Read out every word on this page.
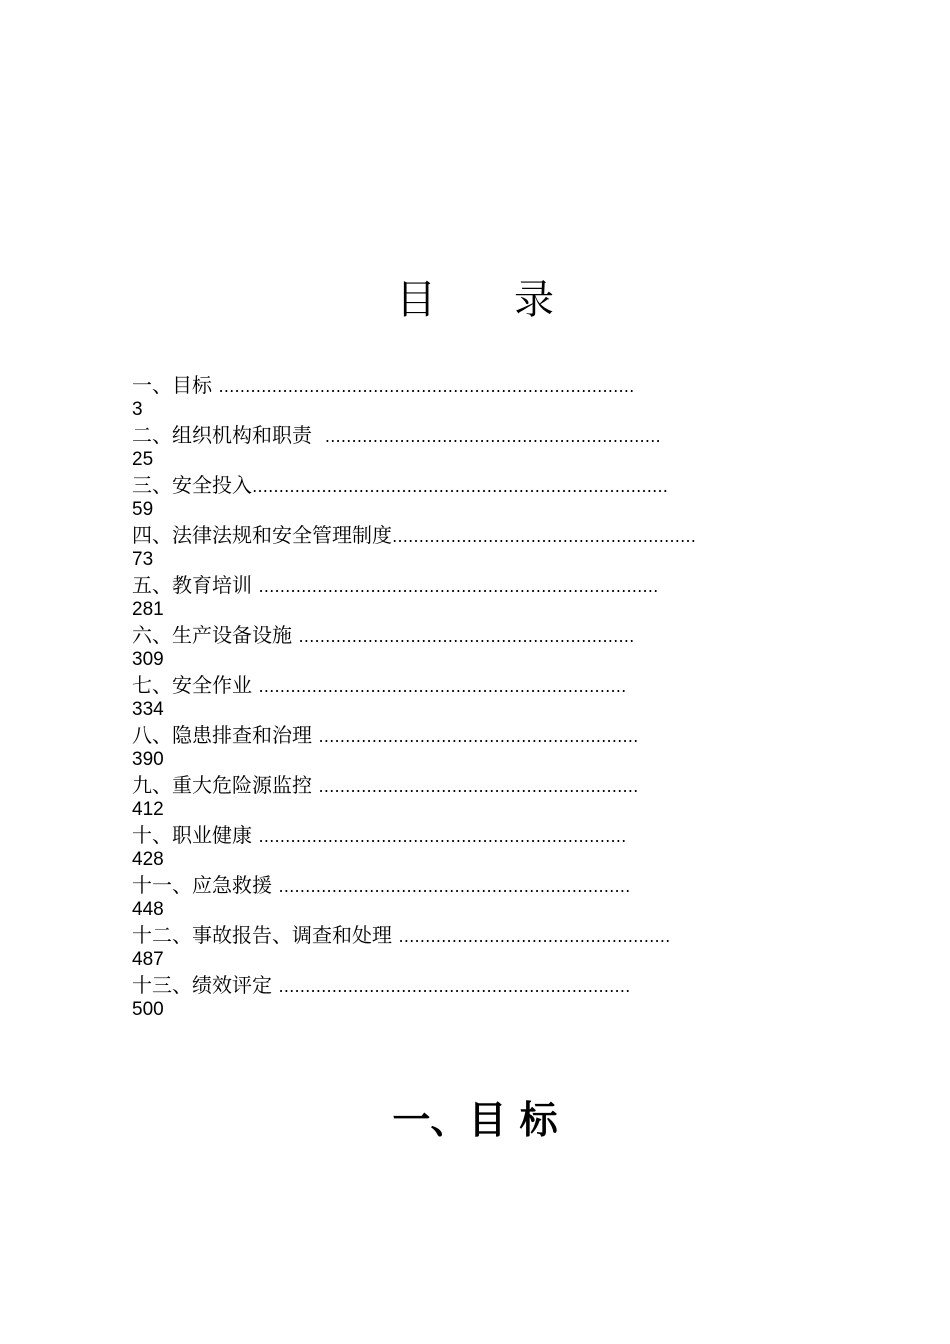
目 录
一、目标 ……………………………………………………………………
3
二、组织机构和职责  ………………………………………………………
25
三、安全投入……………………………………………………………………
59
四、法律法规和安全管理制度…………………………………………………
73
五、教育培训 …………………………………………………………………
281
六、生产设备设施 ………………………………………………………
309
七、安全作业 ……………………………………………………………
334
八、隐患排查和治理 ……………………………………………………
390
九、重大危险源监控 ……………………………………………………
412
十、职业健康 ……………………………………………………………
428
十一、应急救援 …………………………………………………………
448
十二、事故报告、调查和处理 ……………………………………………
487
十三、绩效评定 …………………………………………………………
500
一、目 标
